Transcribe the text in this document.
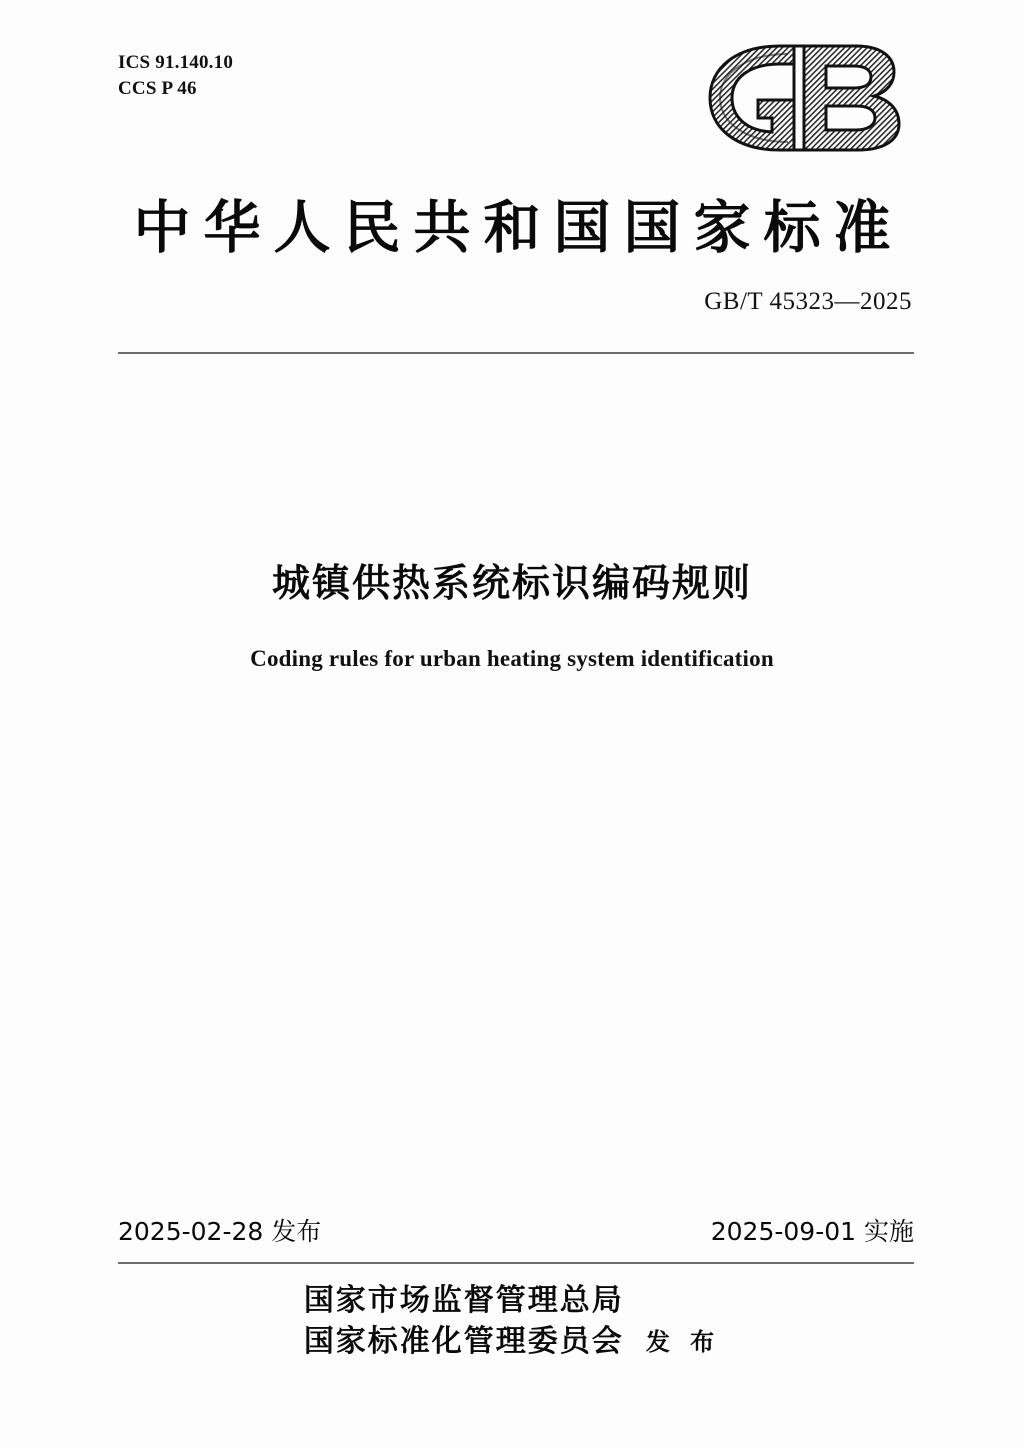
ICS 91.140.10
CCS P 46
中华人民共和国国家标准
GB/T 45323—2025
城镇供热系统标识编码规则
Coding rules for urban heating system identification
2025-02-28 发布	2025-09-01 实施
国家市场监督管理总局
国家标准化管理委员会 发 布
